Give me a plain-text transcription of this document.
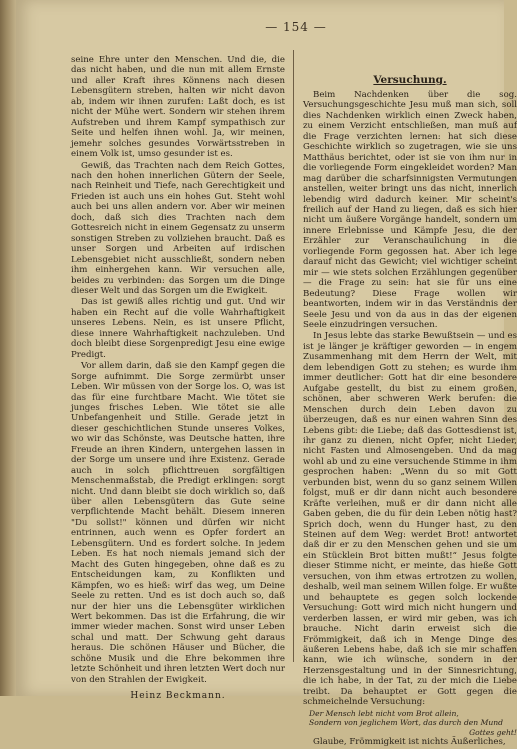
— 154 —

seine Ehre unter den Menschen. Und die, die das nicht haben, und die nun mit allem Ernste und aller Kraft ihres Könnens nach diesen Lebensgütern streben, halten wir nicht davon ab, indem wir ihnen zurufen: Laßt doch, es ist nicht der Mühe wert. Sondern wir stehen ihrem Aufstreben und ihrem Kampf sympathisch zur Seite und helfen ihnen wohl. Ja, wir meinen, jemehr solches gesundes Vorwärtsstreben in einem Volk ist, umso gesunder ist es.

Gewiß, das Trachten nach dem Reich Gottes, nach den hohen innerlichen Gütern der Seele, nach Reinheit und Tiefe, nach Gerechtigkeit und Frieden ist auch uns ein hohes Gut. Steht wohl auch bei uns allen andern vor. Aber wir meinen doch, daß sich dies Trachten nach dem Gottesreich nicht in einem Gegensatz zu unserm sonstigen Streben zu vollziehen braucht. Daß es unser Sorgen und Arbeiten auf irdischen Lebensgebiet nicht ausschließt, sondern neben ihm einhergehen kann. Wir versuchen alle, beides zu verbinden: das Sorgen um die Dinge dieser Welt und das Sorgen um die Ewigkeit.

Das ist gewiß alles richtig und gut. Und wir haben ein Recht auf die volle Wahrhaftigkeit unseres Lebens. Nein, es ist unsere Pflicht, diese innere Wahrhaftigkeit nachzuleben. Und doch bleibt diese Sorgenpredigt Jesu eine ewige Predigt.

Vor allem darin, daß sie den Kampf gegen die Sorge aufnimmt. Die Sorge zermürbt unser Leben. Wir müssen von der Sorge los. O, was ist das für eine furchtbare Macht. Wie tötet sie junges frisches Leben. Wie tötet sie alle Unbefangenheit und Stille. Gerade jetzt in dieser geschichtlichen Stunde unseres Volkes, wo wir das Schönste, was Deutsche hatten, ihre Freude an ihren Kindern, untergehen lassen in der Sorge um unsere und ihre Existenz. Gerade auch in solch pflichttreuen sorgfältigen Menschenmaßstab, die Predigt erklingen: sorgt nicht. Und dann bleibt sie doch wirklich so, daß über allen Lebensgütern das Gute seine verpflichtende Macht behält. Diesem inneren "Du sollst!" können und dürfen wir nicht entrinnen, auch wenn es Opfer fordert an Lebensgütern. Und es fordert solche. In jedem Leben. Es hat noch niemals jemand sich der Macht des Guten hingegeben, ohne daß es zu Entscheidungen kam, zu Konflikten und Kämpfen, wo es hieß: wirf das weg, um Deine Seele zu retten. Und es ist doch auch so, daß nur der hier uns die Lebensgüter wirklichen Wert bekommen. Das ist die Erfahrung, die wir immer wieder machen. Sonst wird unser Leben schal und matt. Der Schwung geht daraus heraus. Die schönen Häuser und Bücher, die schöne Musik und die Ehre bekommen ihre letzte Schönheit und ihren letzten Wert doch nur von den Strahlen der Ewigkeit.

Heinz Beckmann.
Versuchung.

Beim Nachdenken über die sog. Versuchungsgeschichte Jesu muß man sich, soll dies Nachdenken wirklich einen Zweck haben, zu einem Verzicht entschließen, man muß auf die Frage verzichten lernen: hat sich diese Geschichte wirklich so zugetragen, wie sie uns Matthäus berichtet, oder ist sie von ihm nur in die vorliegende Form eingekleidet worden? Man mag darüber die scharfsinnigsten Vermutungen anstellen, weiter bringt uns das nicht, innerlich lebendig wird dadurch keiner. Mir scheint's freilich auf der Hand zu liegen, daß es sich hier nicht um äußere Vorgänge handelt, sondern um innere Erlebnisse und Kämpfe Jesu, die der Erzähler zur Veranschaulichung in die vorliegende Form gegossen hat. Aber ich lege darauf nicht das Gewicht; viel wichtiger scheint mir — wie stets solchen Erzählungen gegenüber — die Frage zu sein: hat sie für uns eine Bedeutung? Diese Frage wollen wir beantworten, indem wir in das Verständnis der Seele Jesu und von da aus in das der eigenen Seele einzudringen versuchen.

In Jesus lebte das starke Bewußtsein — und es ist je länger je kräftiger geworden — in engem Zusammenhang mit dem Herrn der Welt, mit dem lebendigen Gott zu stehen; es wurde ihm immer deutlicher: Gott hat dir eine besondere Aufgabe gestellt, du bist zu einem großen, schönen, aber schweren Werk berufen: die Menschen durch dein Leben davon zu überzeugen, daß es nur einen wahren Sinn des Lebens gibt: die Liebe; daß das Gottesdienst ist, ihr ganz zu dienen, nicht Opfer, nicht Lieder, nicht Fasten und Almosengeben. Und da mag wohl ab und zu eine versuchende Stimme in ihm gesprochen haben: „Wenn du so mit Gott verbunden bist, wenn du so ganz seinem Willen folgst, muß er dir dann nicht auch besondere Kräfte verleihen, muß er dir dann nicht alle Gaben geben, die du für dein Leben nötig hast? Sprich doch, wenn du Hunger hast, zu den Steinen auf dem Weg: werdet Brot! antwortet daß dir er zu den Menschen gehen und sie um ein Stücklein Brot bitten mußt!“ Jesus folgte dieser Stimme nicht, er meinte, das hieße Gott versuchen, von ihm etwas ertrotzen zu wollen, deshalb, weil man seinem Willen folge. Er wußte und behauptete es gegen solch lockende Versuchung: Gott wird mich nicht hungern und verderben lassen, er wird mir geben, was ich brauche. Nicht darin erweist sich die Frömmigkeit, daß ich in Menge Dinge des äußeren Lebens habe, daß ich sie mir schaffen kann, wie ich wünsche, sondern in der Herzensgestaltung und in der Sinnesrichtung, die ich habe, in der Tat, zu der mich die Liebe treibt. Da behauptet er Gott gegen die schmeichelnde Versuchung:

Der Mensch lebt nicht vom Brot allein,
Sondern von jeglichem Wort, das durch den Mund
Gottes geht!

Glaube, Frömmigkeit ist nichts Äußerliches,
